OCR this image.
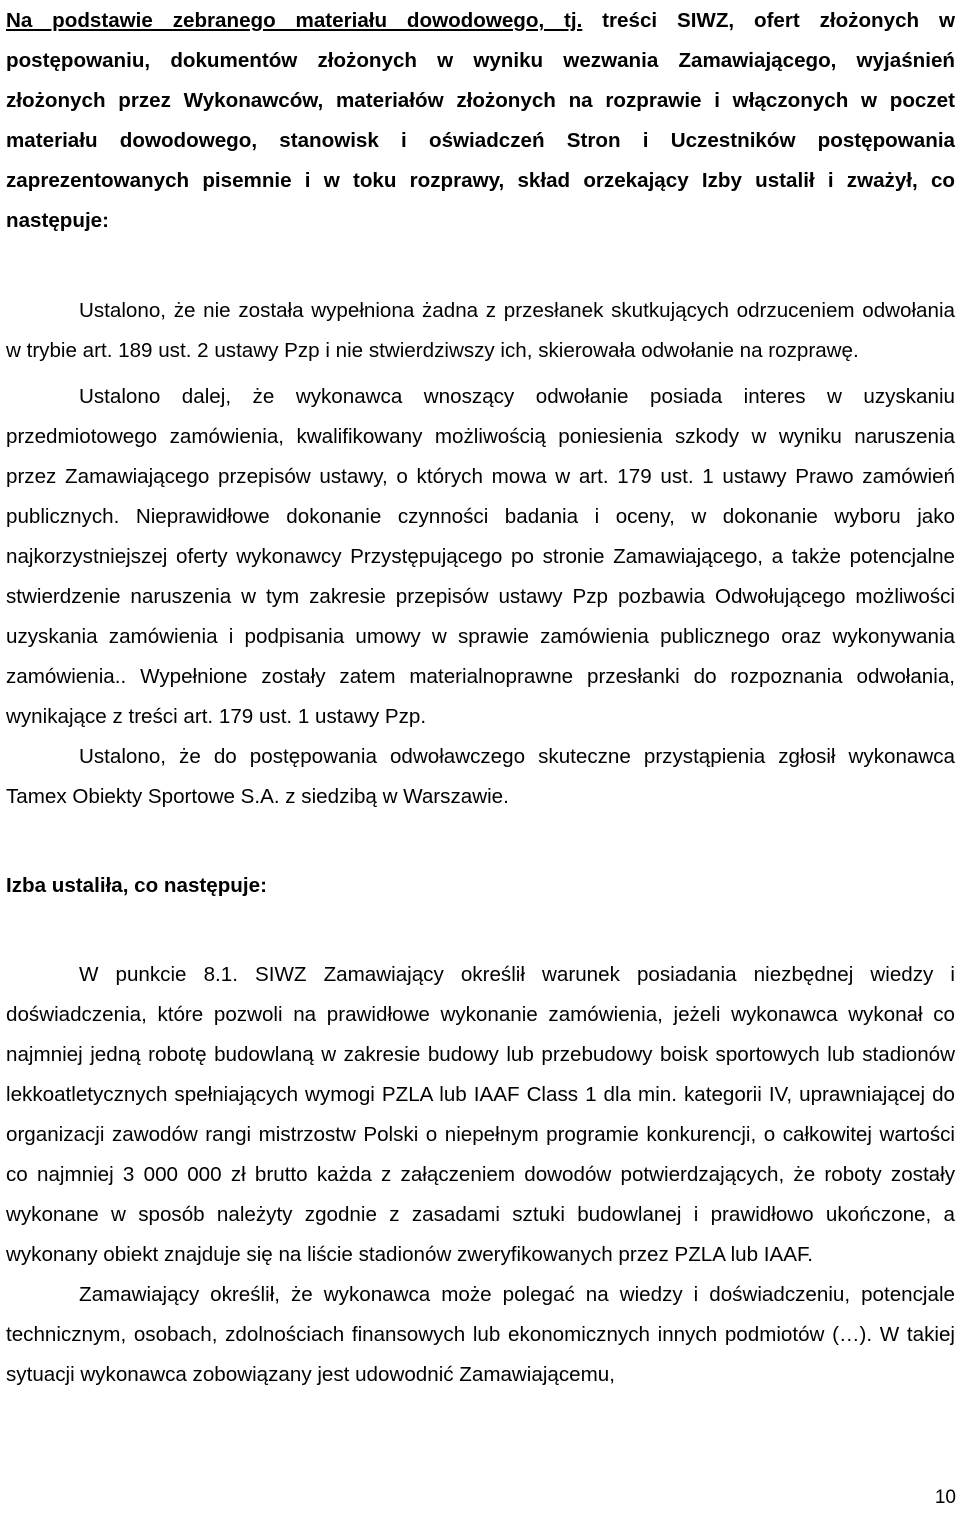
Na podstawie zebranego materiału dowodowego, tj. treści SIWZ, ofert złożonych w postępowaniu, dokumentów złożonych w wyniku wezwania Zamawiającego, wyjaśnień złożonych przez Wykonawców, materiałów złożonych na rozprawie i włączonych w poczet materiału dowodowego, stanowisk i oświadczeń Stron i Uczestników postępowania zaprezentowanych pisemnie i w toku rozprawy, skład orzekający Izby ustalił i zważył, co następuje:

Ustalono, że nie została wypełniona żadna z przesłanek skutkujących odrzuceniem odwołania w trybie art. 189 ust. 2 ustawy Pzp i nie stwierdziwszy ich, skierowała odwołanie na rozprawę.

Ustalono dalej, że wykonawca wnoszący odwołanie posiada interes w uzyskaniu przedmiotowego zamówienia, kwalifikowany możliwością poniesienia szkody w wyniku naruszenia przez Zamawiającego przepisów ustawy, o których mowa w art. 179 ust. 1 ustawy Prawo zamówień publicznych. Nieprawidłowe dokonanie czynności badania i oceny, w dokonanie wyboru jako najkorzystniejszej oferty wykonawcy Przystępującego po stronie Zamawiającego, a także potencjalne stwierdzenie naruszenia w tym zakresie przepisów ustawy Pzp pozbawia Odwołującego możliwości uzyskania zamówienia i podpisania umowy w sprawie zamówienia publicznego oraz wykonywania zamówienia.. Wypełnione zostały zatem materialnoprawne przesłanki do rozpoznania odwołania, wynikające z treści art. 179 ust. 1 ustawy Pzp.

Ustalono, że do postępowania odwoławczego skuteczne przystąpienia zgłosił wykonawca Tamex Obiekty Sportowe S.A. z siedzibą w Warszawie.

Izba ustaliła, co następuje:

W punkcie 8.1. SIWZ Zamawiający określił warunek posiadania niezbędnej wiedzy i doświadczenia, które pozwoli na prawidłowe wykonanie zamówienia, jeżeli wykonawca wykonał co najmniej jedną robotę budowlaną w zakresie budowy lub przebudowy boisk sportowych lub stadionów lekkoatletycznych spełniających wymogi PZLA lub IAAF Class 1 dla min. kategorii IV, uprawniającej do organizacji zawodów rangi mistrzostw Polski o niepełnym programie konkurencji, o całkowitej wartości co najmniej 3 000 000 zł brutto każda z załączeniem dowodów potwierdzających, że roboty zostały wykonane w sposób należyty zgodnie z zasadami sztuki budowlanej i prawidłowo ukończone, a wykonany obiekt znajduje się na liście stadionów zweryfikowanych przez PZLA lub IAAF.

Zamawiający określił, że wykonawca może polegać na wiedzy i doświadczeniu, potencjale technicznym, osobach, zdolnościach finansowych lub ekonomicznych innych podmiotów (…). W takiej sytuacji wykonawca zobowiązany jest udowodnić Zamawiającemu,

10
